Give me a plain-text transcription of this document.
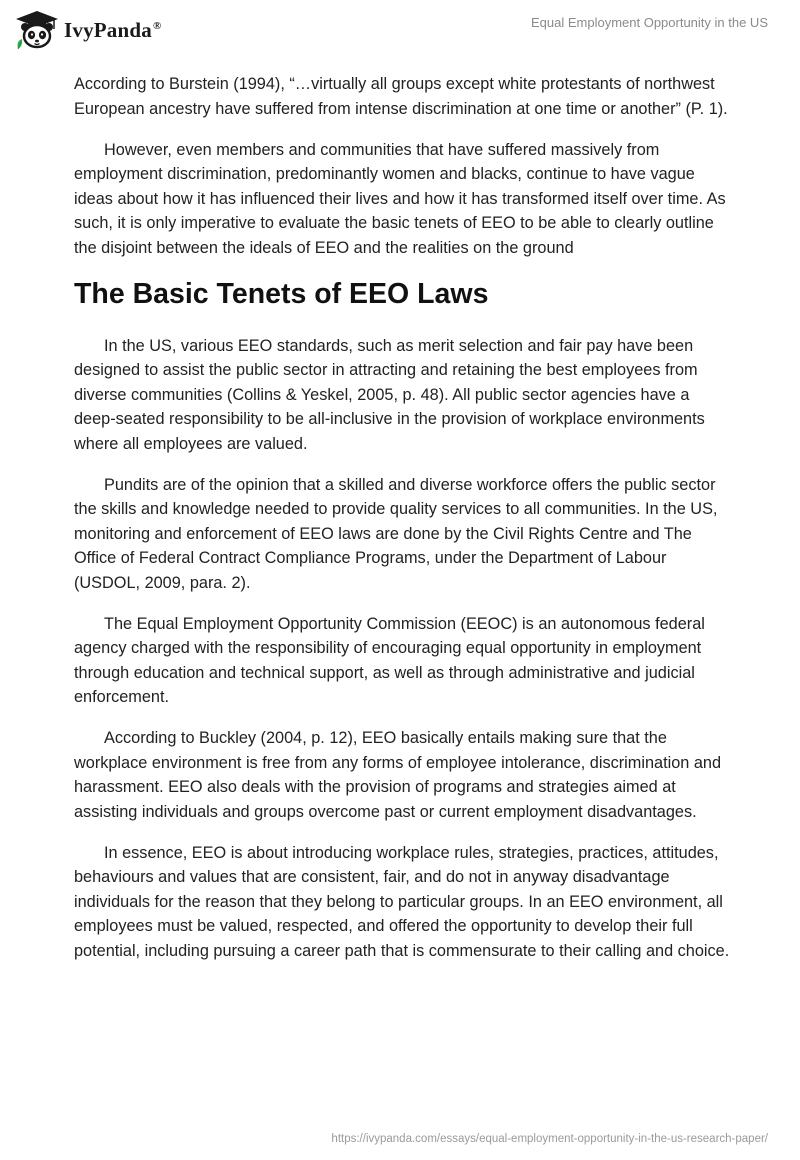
IvyPanda®	Equal Employment Opportunity in the US

According to Burstein (1994), “…virtually all groups except white protestants of northwest European ancestry have suffered from intense discrimination at one time or another” (P. 1).

However, even members and communities that have suffered massively from employment discrimination, predominantly women and blacks, continue to have vague ideas about how it has influenced their lives and how it has transformed itself over time. As such, it is only imperative to evaluate the basic tenets of EEO to be able to clearly outline the disjoint between the ideals of EEO and the realities on the ground

The Basic Tenets of EEO Laws

In the US, various EEO standards, such as merit selection and fair pay have been designed to assist the public sector in attracting and retaining the best employees from diverse communities (Collins & Yeskel, 2005, p. 48). All public sector agencies have a deep-seated responsibility to be all-inclusive in the provision of workplace environments where all employees are valued.

Pundits are of the opinion that a skilled and diverse workforce offers the public sector the skills and knowledge needed to provide quality services to all communities. In the US, monitoring and enforcement of EEO laws are done by the Civil Rights Centre and The Office of Federal Contract Compliance Programs, under the Department of Labour (USDOL, 2009, para. 2).

The Equal Employment Opportunity Commission (EEOC) is an autonomous federal agency charged with the responsibility of encouraging equal opportunity in employment through education and technical support, as well as through administrative and judicial enforcement.

According to Buckley (2004, p. 12), EEO basically entails making sure that the workplace environment is free from any forms of employee intolerance, discrimination and harassment. EEO also deals with the provision of programs and strategies aimed at assisting individuals and groups overcome past or current employment disadvantages.

In essence, EEO is about introducing workplace rules, strategies, practices, attitudes, behaviours and values that are consistent, fair, and do not in anyway disadvantage individuals for the reason that they belong to particular groups. In an EEO environment, all employees must be valued, respected, and offered the opportunity to develop their full potential, including pursuing a career path that is commensurate to their calling and choice.

https://ivypanda.com/essays/equal-employment-opportunity-in-the-us-research-paper/
